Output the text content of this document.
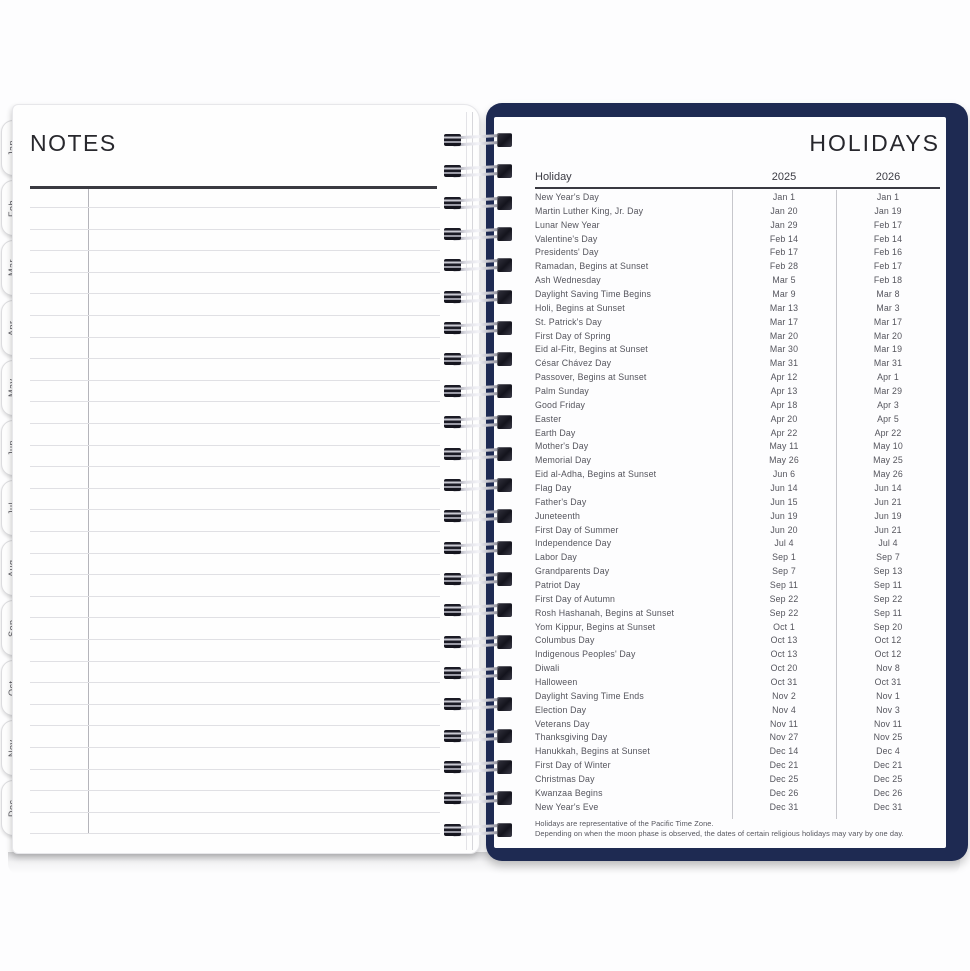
NOTES	HOLIDAYS
Holiday	2025	2026
New Year's Day	Jan 1	Jan 1
Martin Luther King, Jr. Day	Jan 20	Jan 19
Lunar New Year	Jan 29	Feb 17
Valentine's Day	Feb 14	Feb 14
Presidents' Day	Feb 17	Feb 16
Ramadan, Begins at Sunset	Feb 28	Feb 17
Ash Wednesday	Mar 5	Feb 18
Daylight Saving Time Begins	Mar 9	Mar 8
Holi, Begins at Sunset	Mar 13	Mar 3
St. Patrick's Day	Mar 17	Mar 17
First Day of Spring	Mar 20	Mar 20
Eid al-Fitr, Begins at Sunset	Mar 30	Mar 19
César Chávez Day	Mar 31	Mar 31
Passover, Begins at Sunset	Apr 12	Apr 1
Palm Sunday	Apr 13	Mar 29
Good Friday	Apr 18	Apr 3
Easter	Apr 20	Apr 5
Earth Day	Apr 22	Apr 22
Mother's Day	May 11	May 10
Memorial Day	May 26	May 25
Eid al-Adha, Begins at Sunset	Jun 6	May 26
Flag Day	Jun 14	Jun 14
Father's Day	Jun 15	Jun 21
Juneteenth	Jun 19	Jun 19
First Day of Summer	Jun 20	Jun 21
Independence Day	Jul 4	Jul 4
Labor Day	Sep 1	Sep 7
Grandparents Day	Sep 7	Sep 13
Patriot Day	Sep 11	Sep 11
First Day of Autumn	Sep 22	Sep 22
Rosh Hashanah, Begins at Sunset	Sep 22	Sep 11
Yom Kippur, Begins at Sunset	Oct 1	Sep 20
Columbus Day	Oct 13	Oct 12
Indigenous Peoples' Day	Oct 13	Oct 12
Diwali	Oct 20	Nov 8
Halloween	Oct 31	Oct 31
Daylight Saving Time Ends	Nov 2	Nov 1
Election Day	Nov 4	Nov 3
Veterans Day	Nov 11	Nov 11
Thanksgiving Day	Nov 27	Nov 25
Hanukkah, Begins at Sunset	Dec 14	Dec 4
First Day of Winter	Dec 21	Dec 21
Christmas Day	Dec 25	Dec 25
Kwanzaa Begins	Dec 26	Dec 26
New Year's Eve	Dec 31	Dec 31
Holidays are representative of the Pacific Time Zone.
Depending on when the moon phase is observed, the dates of certain religious holidays may vary by one day.
